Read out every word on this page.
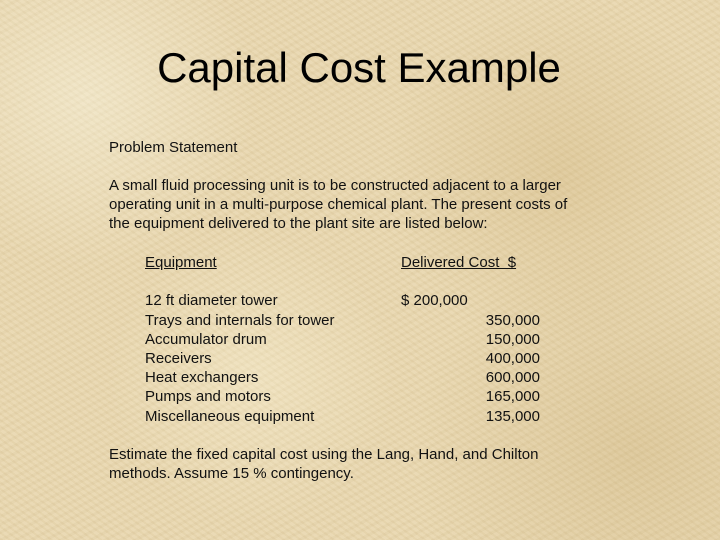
Capital Cost Example
Problem Statement
A small fluid processing unit is to be constructed adjacent to a larger
operating unit in a multi-purpose chemical plant. The present costs of
the equipment delivered to the plant site are listed below:
Equipment	Delivered Cost  $
12 ft diameter tower	$ 200,000
Trays and internals for tower	350,000
Accumulator drum	150,000
Receivers	400,000
Heat exchangers	600,000
Pumps and motors	165,000
Miscellaneous equipment	135,000
Estimate the fixed capital cost using the Lang, Hand, and Chilton
methods. Assume 15 % contingency.
